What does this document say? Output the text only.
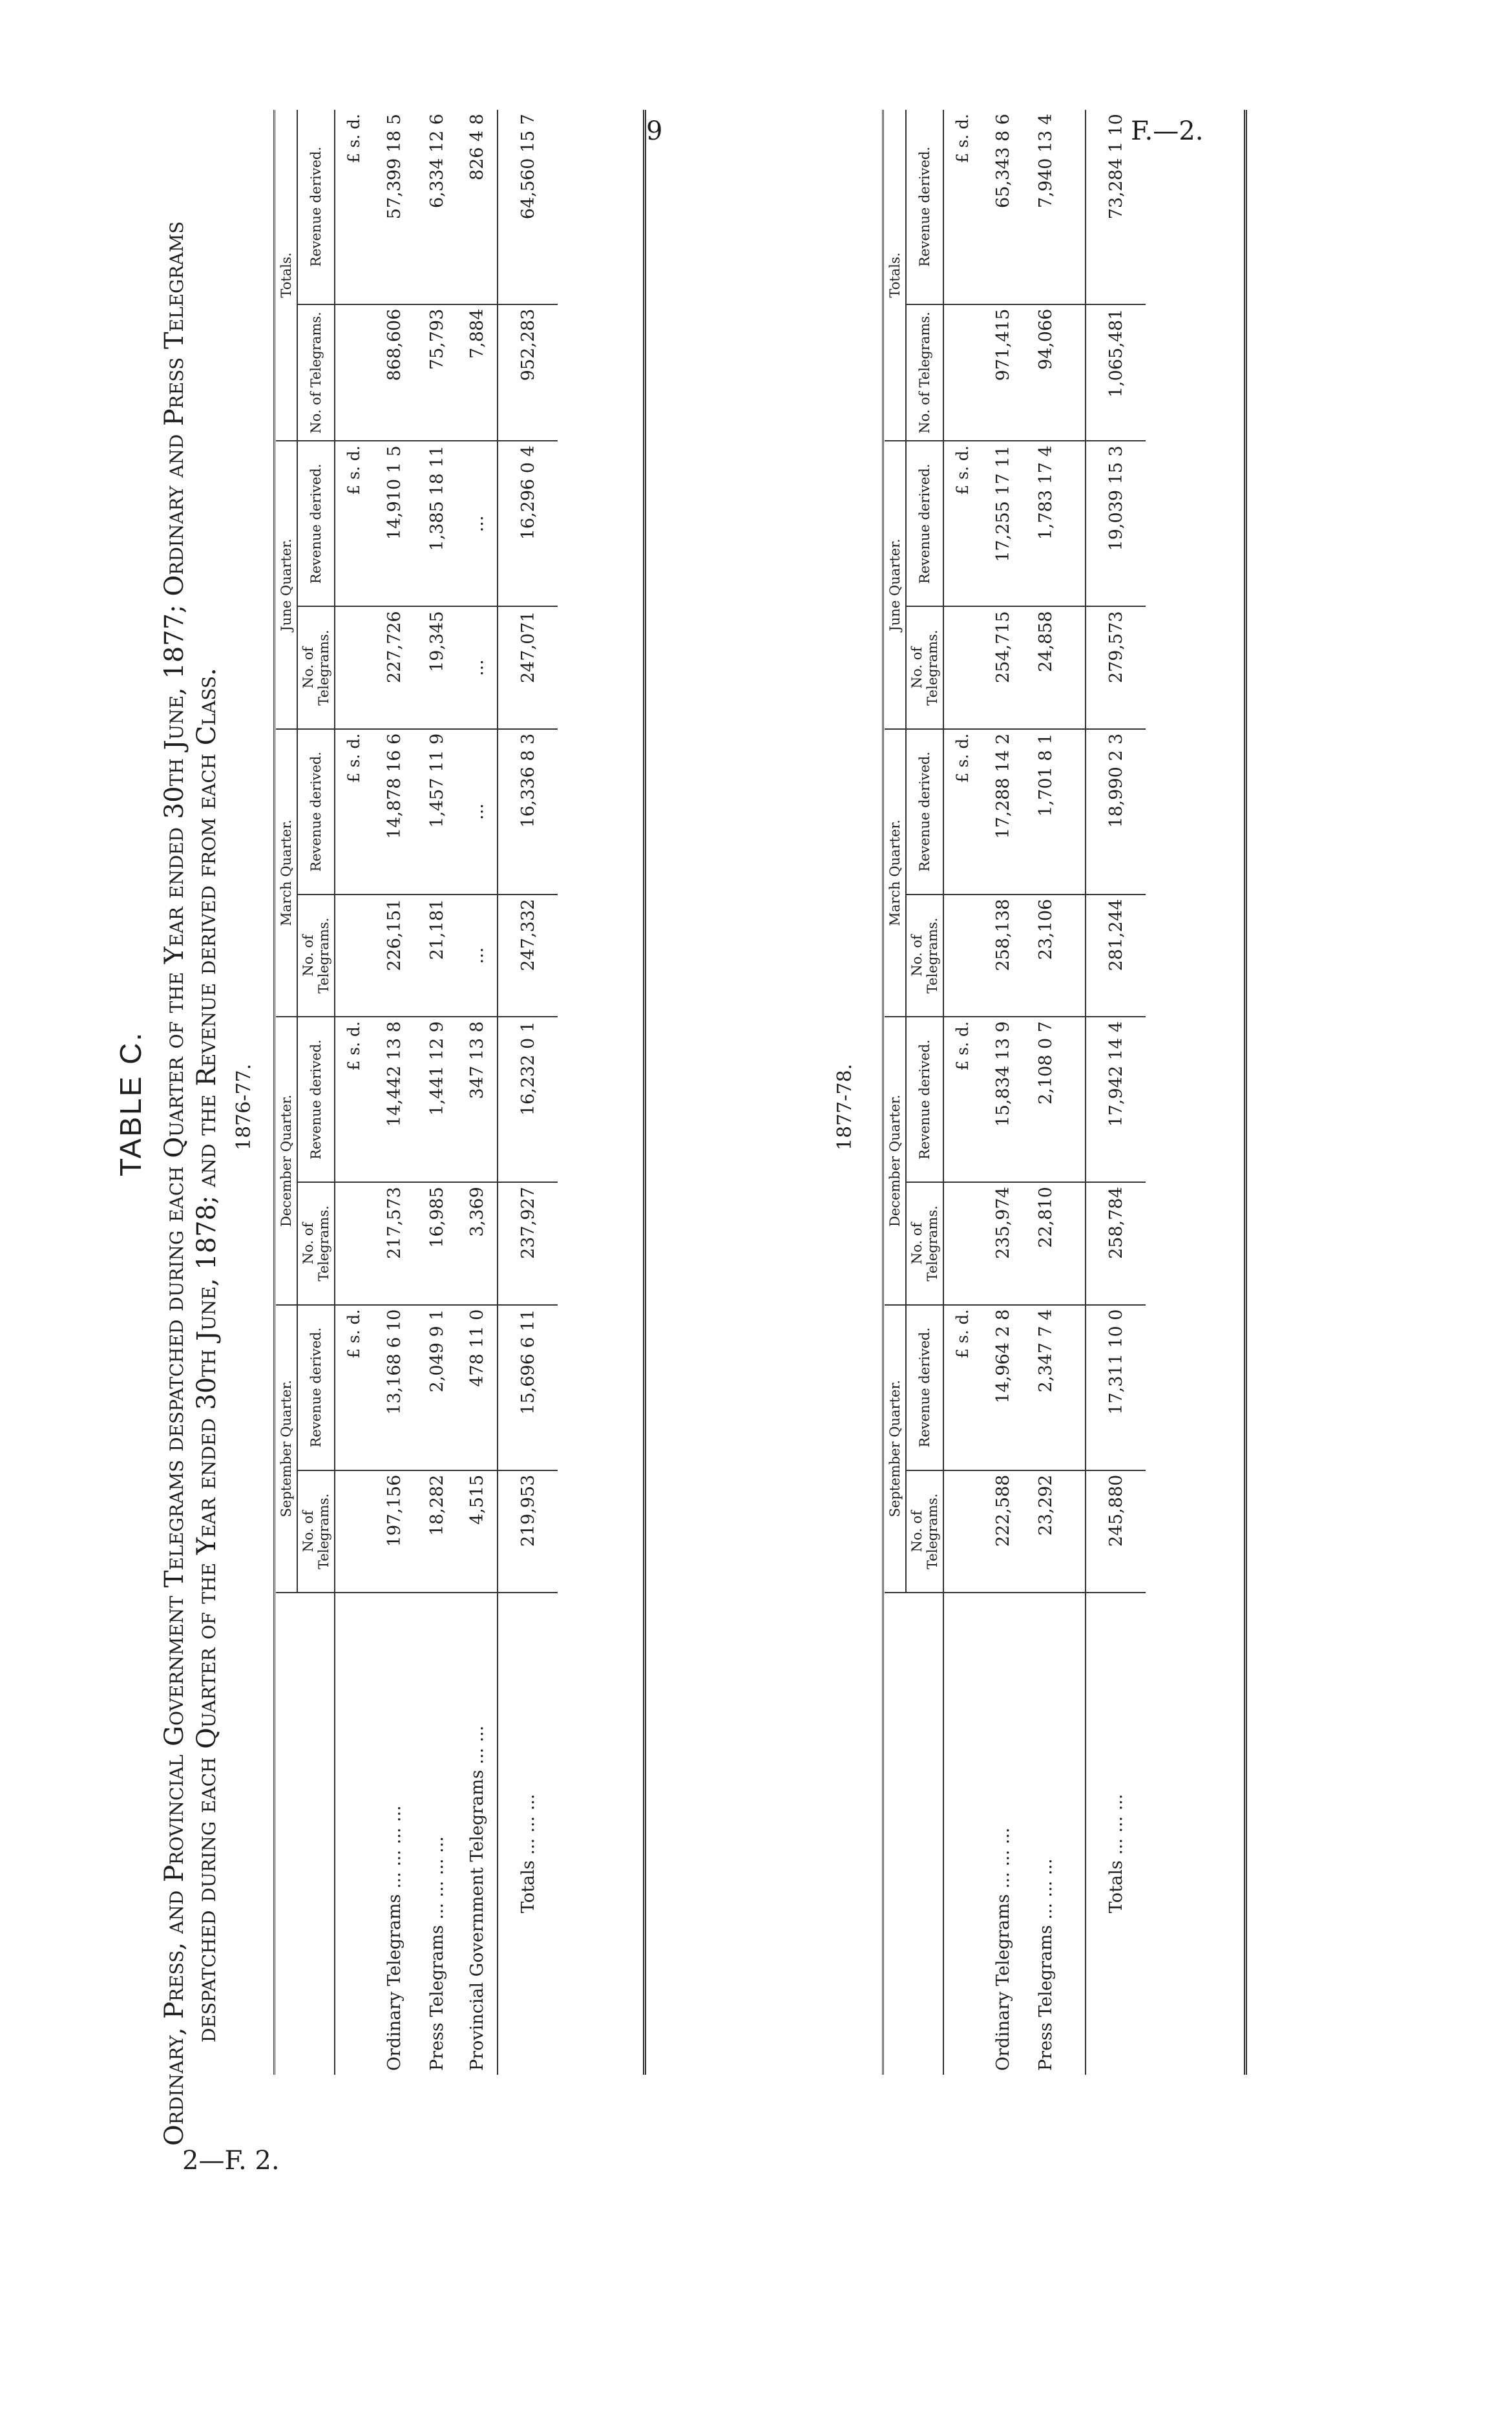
9	F.—2.
2—F. 2.
TABLE C. Ordinary, Press, and Provincial Government Telegrams despatched during each Quarter of the Year ended 30th June, 1877; Ordinary and Press Telegrams despatched during each Quarter of the Year ended 30th June, 1878; and the Revenue derived from each Class. 1876-77.
	September Quarter.		December Quarter.		March Quarter.		June Quarter.		Totals.	
	No. of Telegrams.	Revenue derived.	No. of Telegrams.	Revenue derived.	No. of Telegrams.	Revenue derived.	No. of Telegrams.	Revenue derived.	No. of Telegrams.	Revenue derived.
		£ s. d.		£ s. d.		£ s. d.		£ s. d.		£ s. d.
Ordinary Telegrams ... ... ... ...	197,156	13,168 6 10	217,573	14,442 13 8	226,151	14,878 16 6	227,726	14,910 1 5	868,606	57,399 18 5
Press Telegrams ... ... ... ...	18,282	2,049 9 1	16,985	1,441 12 9	21,181	1,457 11 9	19,345	1,385 18 11	75,793	6,334 12 6
Provincial Government Telegrams ... ...	4,515	478 11 0	3,369	347 13 8	...	...	...	...	7,884	826 4 8
Totals ... ... ...	219,953	15,696 6 11	237,927	16,232 0 1	247,332	16,336 8 3	247,071	16,296 0 4	952,283	64,560 15 7
1877-78.
	September Quarter.		December Quarter.		March Quarter.		June Quarter.		Totals.	
	No. of Telegrams.	Revenue derived.	No. of Telegrams.	Revenue derived.	No. of Telegrams.	Revenue derived.	No. of Telegrams.	Revenue derived.	No. of Telegrams.	Revenue derived.
		£ s. d.		£ s. d.		£ s. d.		£ s. d.		£ s. d.
Ordinary Telegrams ... ... ...	222,588	14,964 2 8	235,974	15,834 13 9	258,138	17,288 14 2	254,715	17,255 17 11	971,415	65,343 8 6
Press Telegrams ... ... ...	23,292	2,347 7 4	22,810	2,108 0 7	23,106	1,701 8 1	24,858	1,783 17 4	94,066	7,940 13 4

Totals ... ... ...	245,880	17,311 10 0	258,784	17,942 14 4	281,244	18,990 2 3	279,573	19,039 15 3	1,065,481	73,284 1 10
